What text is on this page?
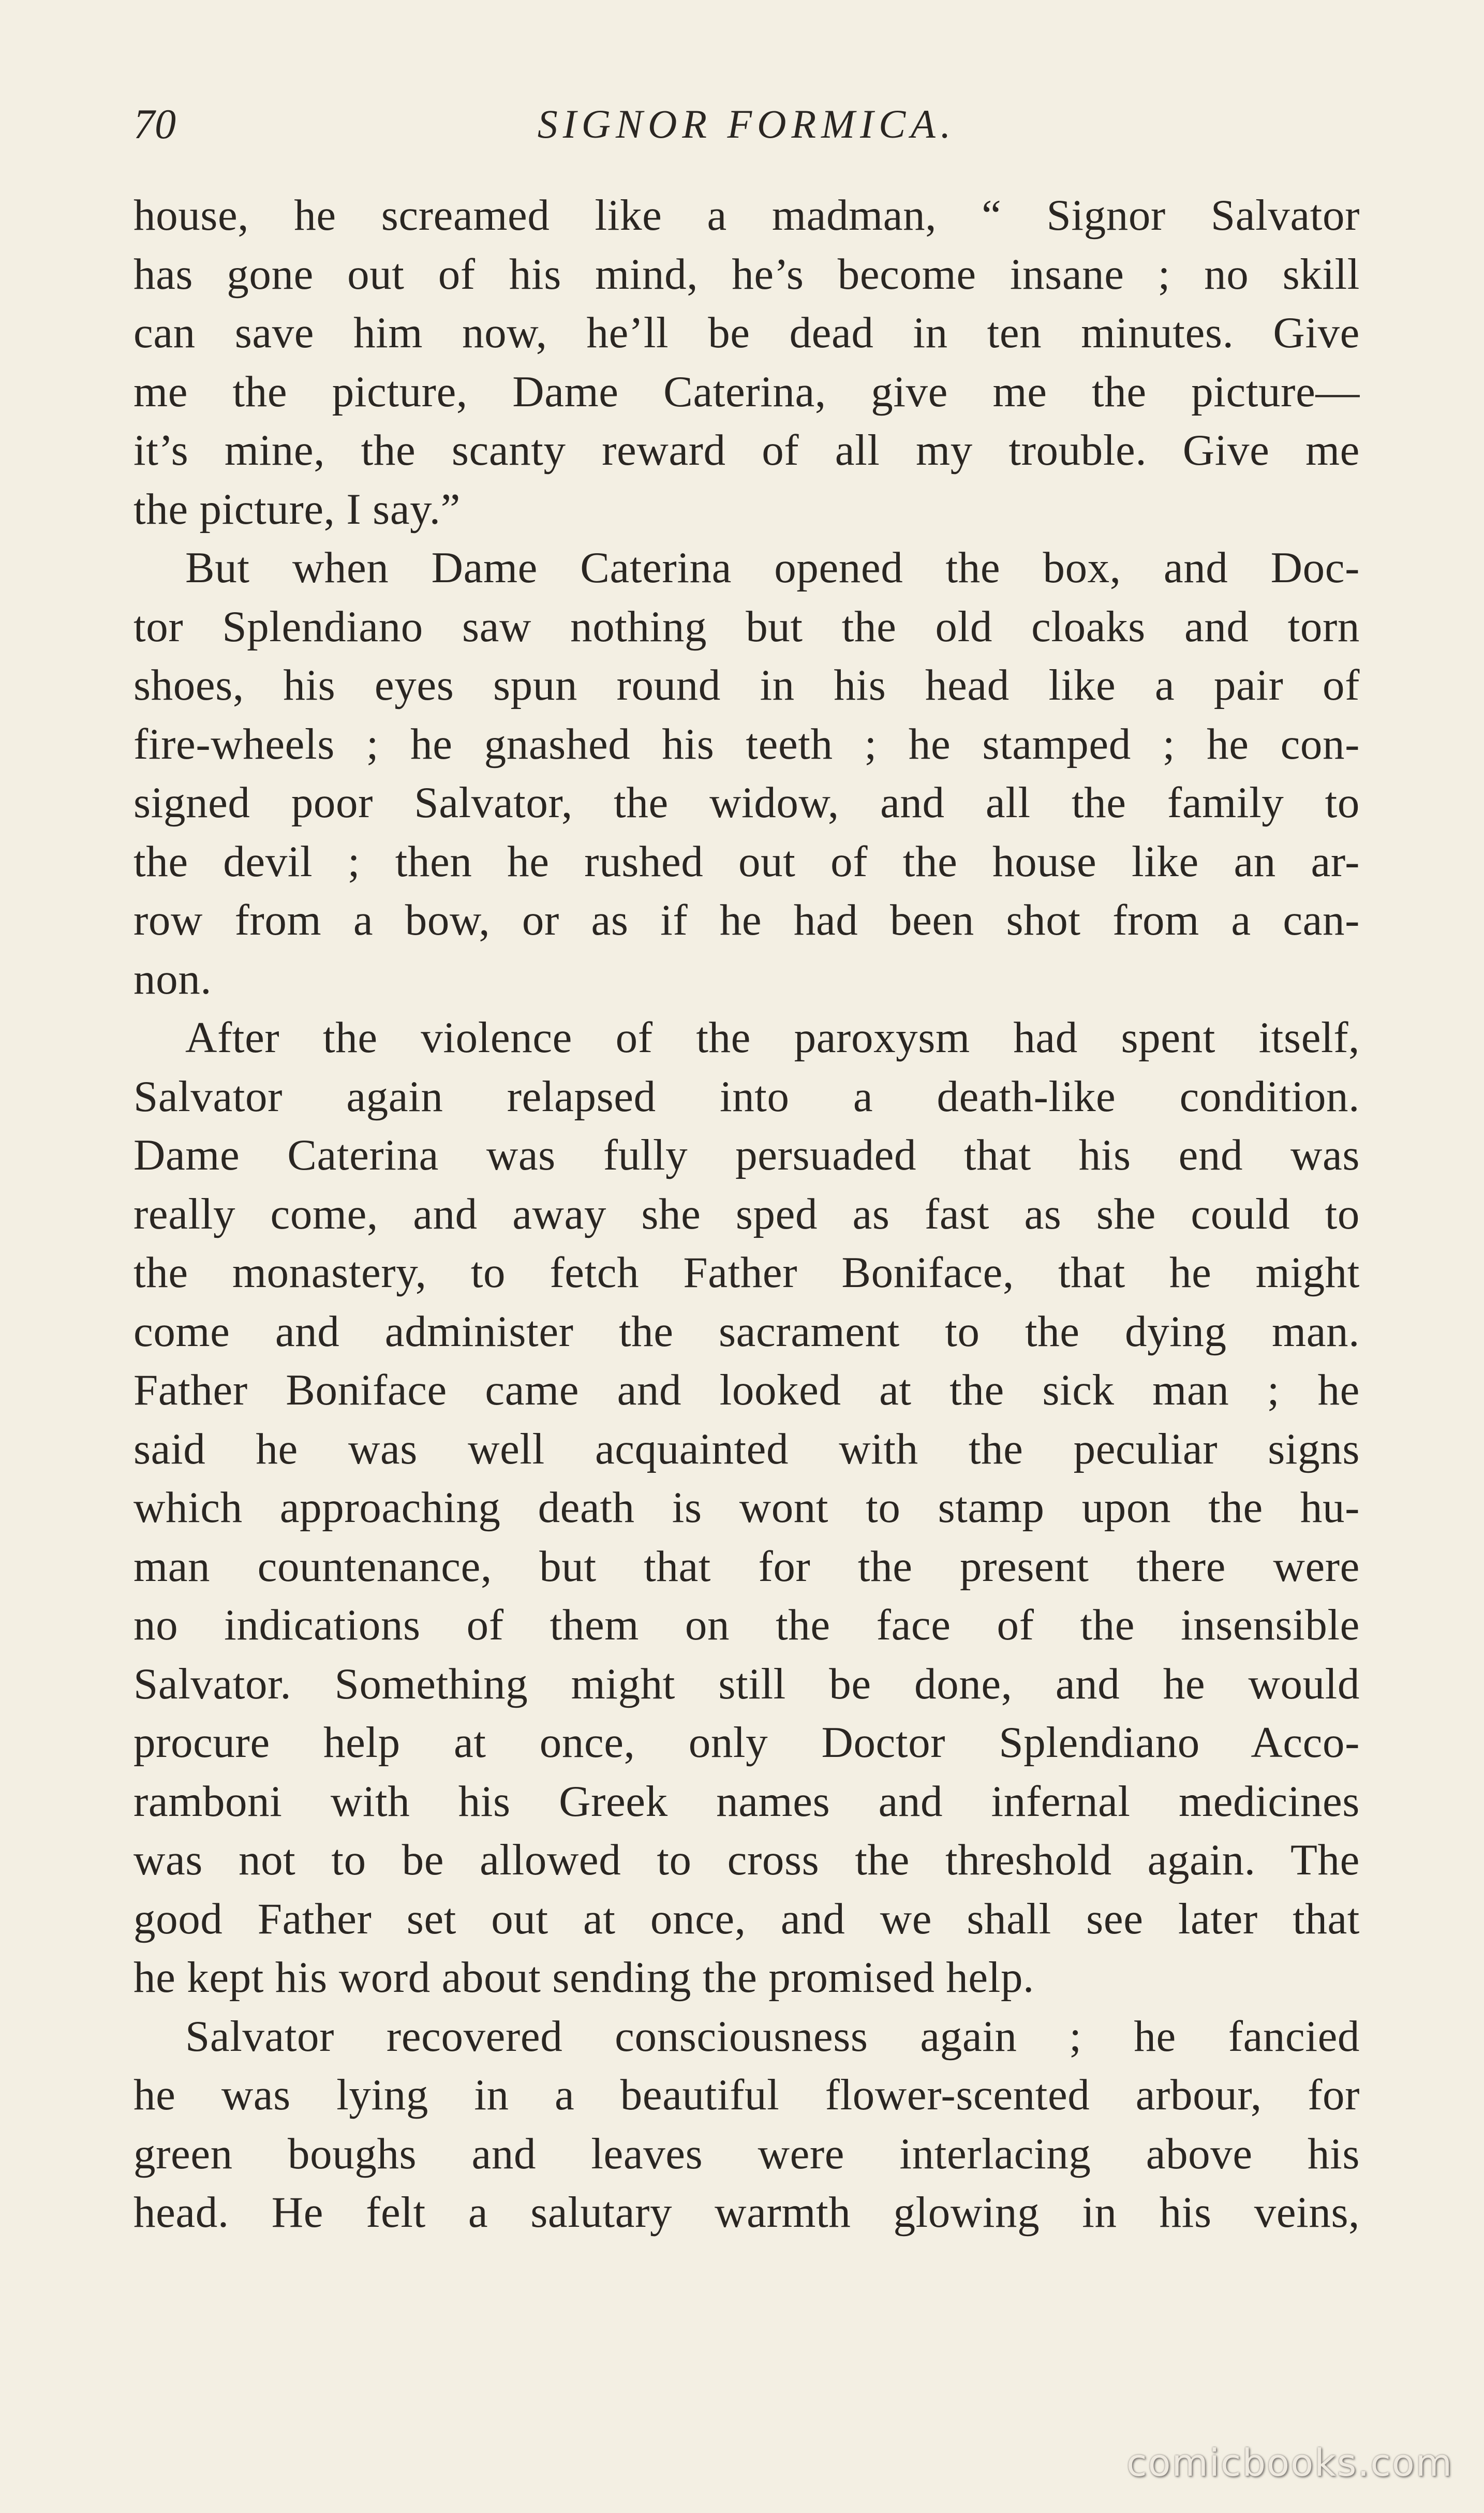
70	SIGNOR FORMICA.
house, he screamed like a madman, “ Signor Salvator
has gone out of his mind, he’s become insane ; no skill
can save him now, he’ll be dead in ten minutes. Give
me the picture, Dame Caterina, give me the picture—
it’s mine, the scanty reward of all my trouble. Give me
the picture, I say.”
But when Dame Caterina opened the box, and Doc-
tor Splendiano saw nothing but the old cloaks and torn
shoes, his eyes spun round in his head like a pair of
fire-wheels ; he gnashed his teeth ; he stamped ; he con-
signed poor Salvator, the widow, and all the family to
the devil ; then he rushed out of the house like an ar-
row from a bow, or as if he had been shot from a can-
non.
After the violence of the paroxysm had spent itself,
Salvator again relapsed into a death-like condition.
Dame Caterina was fully persuaded that his end was
really come, and away she sped as fast as she could to
the monastery, to fetch Father Boniface, that he might
come and administer the sacrament to the dying man.
Father Boniface came and looked at the sick man ; he
said he was well acquainted with the peculiar signs
which approaching death is wont to stamp upon the hu-
man countenance, but that for the present there were
no indications of them on the face of the insensible
Salvator. Something might still be done, and he would
procure help at once, only Doctor Splendiano Acco-
ramboni with his Greek names and infernal medicines
was not to be allowed to cross the threshold again. The
good Father set out at once, and we shall see later that
he kept his word about sending the promised help.
Salvator recovered consciousness again ; he fancied
he was lying in a beautiful flower-scented arbour, for
green boughs and leaves were interlacing above his
head. He felt a salutary warmth glowing in his veins,
comicbooks.com
